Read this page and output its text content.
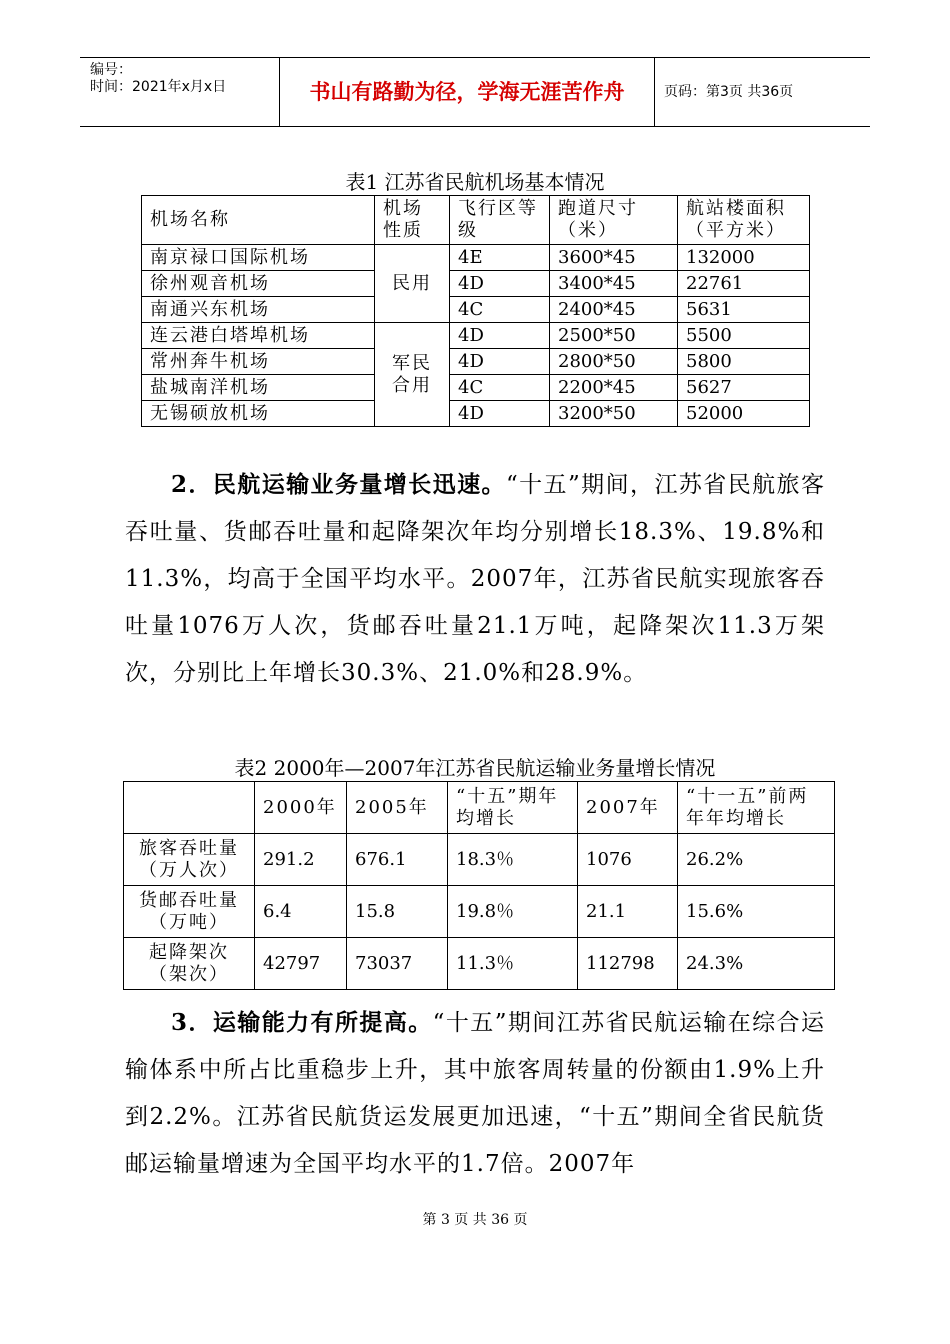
编号：
时间：2021年x月x日	书山有路勤为径，学海无涯苦作舟	页码：第3页 共36页
表1 江苏省民航机场基本情况
机场名称	机场性质	飞行区等　级	跑道尺寸（米）	航站楼面积（平方米）
南京禄口国际机场	民用	4E	3600*45	132000
徐州观音机场		4D	3400*45	22761
南通兴东机场		4C	2400*45	5631
连云港白塔埠机场	军民合用	4D	2500*50	5500
常州奔牛机场		4D	2800*50	5800
盐城南洋机场		4C	2200*45	5627
无锡硕放机场		4D	3200*50	52000
2．民航运输业务量增长迅速。“十五”期间，江苏省民航旅客吞吐量、货邮吞吐量和起降架次年均分别增长18.3%、19.8%和11.3%，均高于全国平均水平。2007年，江苏省民航实现旅客吞吐量1076万人次，货邮吞吐量21.1万吨，起降架次11.3万架次，分别比上年增长30.3%、21.0%和28.9%。
表2 2000年—2007年江苏省民航运输业务量增长情况
	2000年	2005年	“十五”期年均增长	2007年	“十一五”前两年年均增长
旅客吞吐量（万人次）	291.2	676.1	18.3％	1076	26.2%
货邮吞吐量（万吨）	6.4	15.8	19.8％	21.1	15.6%
起降架次（架次）	42797	73037	11.3％	112798	24.3%
3．运输能力有所提高。“十五”期间江苏省民航运输在综合运输体系中所占比重稳步上升，其中旅客周转量的份额由1.9%上升到2.2%。江苏省民航货运发展更加迅速，“十五”期间全省民航货邮运输量增速为全国平均水平的1.7倍。2007年
第 3 页 共 36 页
